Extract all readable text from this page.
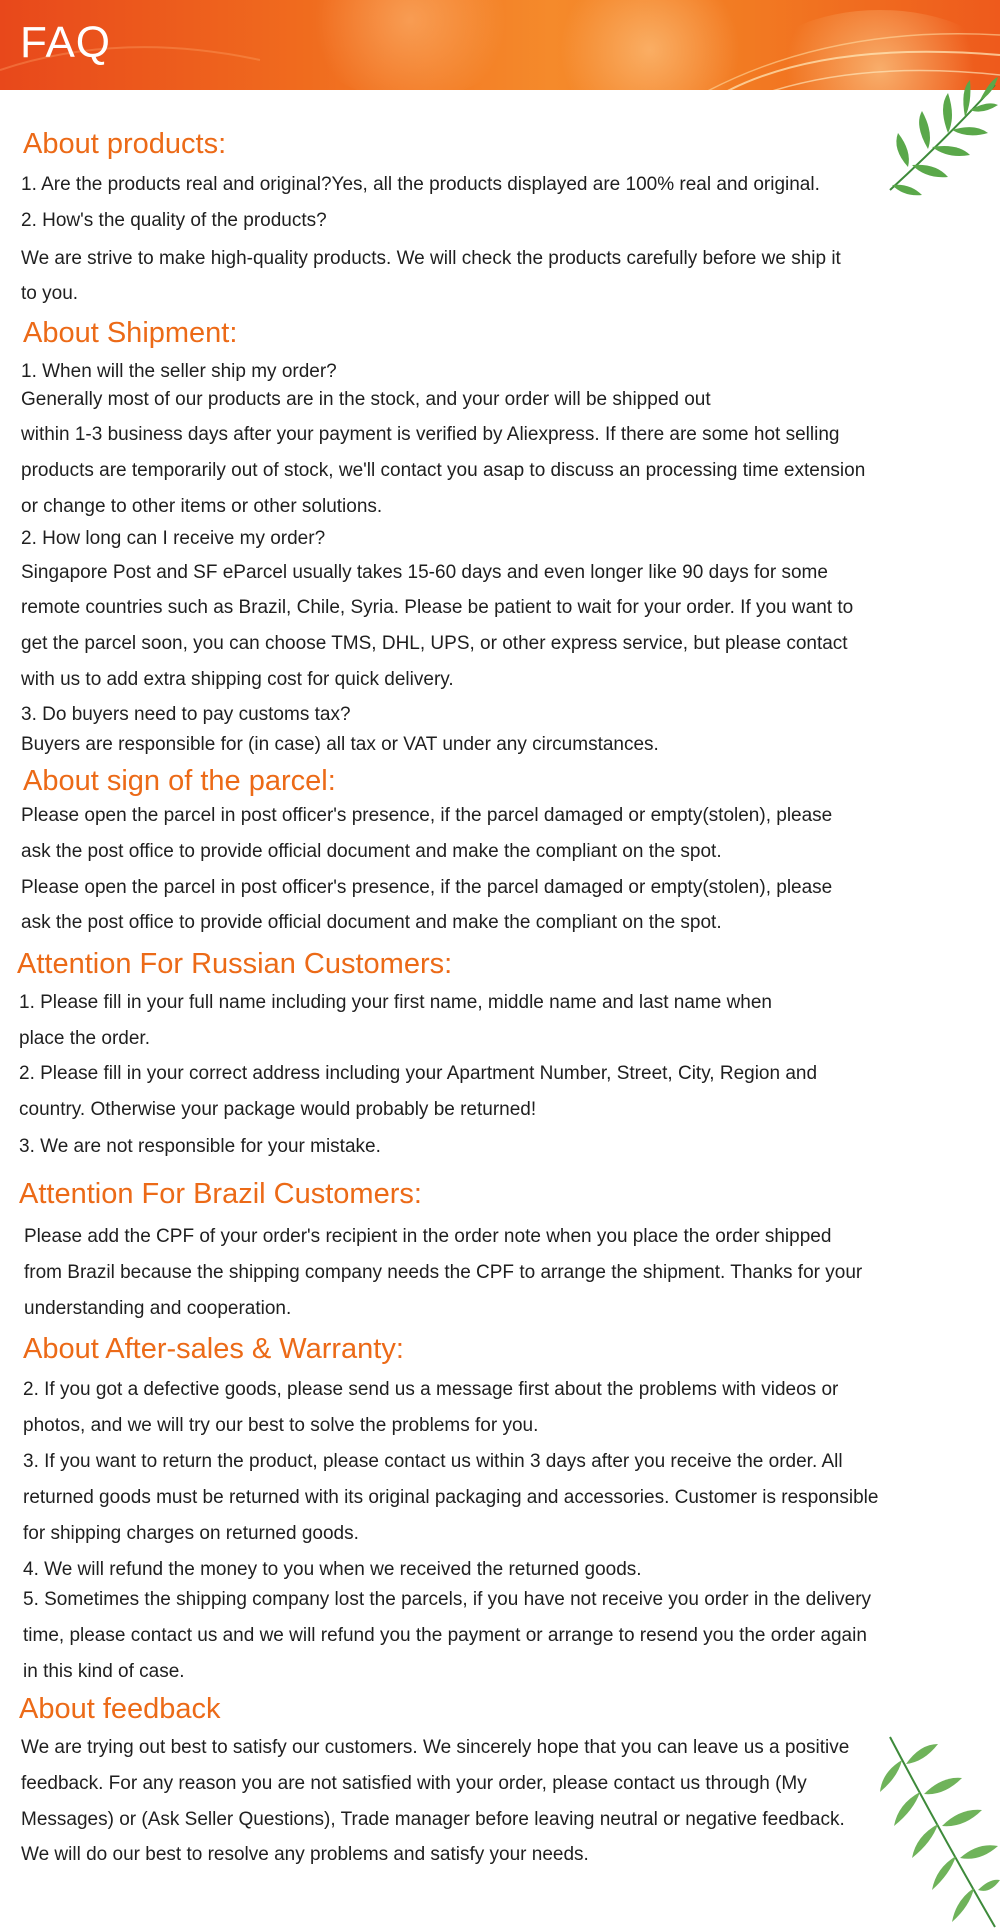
FAQ
About products:

1. Are the products real and original?Yes, all the products displayed are 100% real and original.

2. How's the quality of the products?

We are strive to make high-quality products. We will check the products carefully before we ship it

to you.

About Shipment:

1. When will the seller ship my order?

Generally most of our products are in the stock, and your order will be shipped out

within 1-3 business days after your payment is verified by Aliexpress. If there are some hot selling

products are temporarily out of stock, we'll contact you asap to discuss an processing time extension

or change to other items or other solutions.

2. How long can I receive my order?

Singapore Post and SF eParcel usually takes 15-60 days and even longer like 90 days for some

remote countries such as Brazil, Chile, Syria. Please be patient to wait for your order. If you want to

get the parcel soon, you can choose TMS, DHL, UPS, or other express service, but please contact

with us to add extra shipping cost for quick delivery.

3. Do buyers need to pay customs tax?

Buyers are responsible for (in case) all tax or VAT under any circumstances.

About sign of the parcel:

Please open the parcel in post officer's presence, if the parcel damaged or empty(stolen), please

ask the post office to provide official document and make the compliant on the spot.

Please open the parcel in post officer's presence, if the parcel damaged or empty(stolen), please

ask the post office to provide official document and make the compliant on the spot.

Attention For Russian Customers:

1. Please fill in your full name including your first name, middle name and last name when

place the order.

2. Please fill in your correct address including your Apartment Number, Street, City, Region and

country. Otherwise your package would probably be returned!

3. We are not responsible for your mistake.

Attention For Brazil Customers:

Please add the CPF of your order's recipient in the order note when you place the order shipped

from Brazil because the shipping company needs the CPF to arrange the shipment. Thanks for your

understanding and cooperation.

About After-sales & Warranty:

2. If you got a defective goods, please send us a message first about the problems with videos or

photos, and we will try our best to solve the problems for you.

3. If you want to return the product, please contact us within 3 days after you receive the order. All

returned goods must be returned with its original packaging and accessories. Customer is responsible

for shipping charges on returned goods.

4. We will refund the money to you when we received the returned goods.

5. Sometimes the shipping company lost the parcels, if you have not receive you order in the delivery

time, please contact us and we will refund you the payment or arrange to resend you the order again

in this kind of case.

About feedback

We are trying out best to satisfy our customers. We sincerely hope that you can leave us a positive

feedback. For any reason you are not satisfied with your order, please contact us through (My

Messages) or (Ask Seller Questions), Trade manager before leaving neutral or negative feedback.

We will do our best to resolve any problems and satisfy your needs.
